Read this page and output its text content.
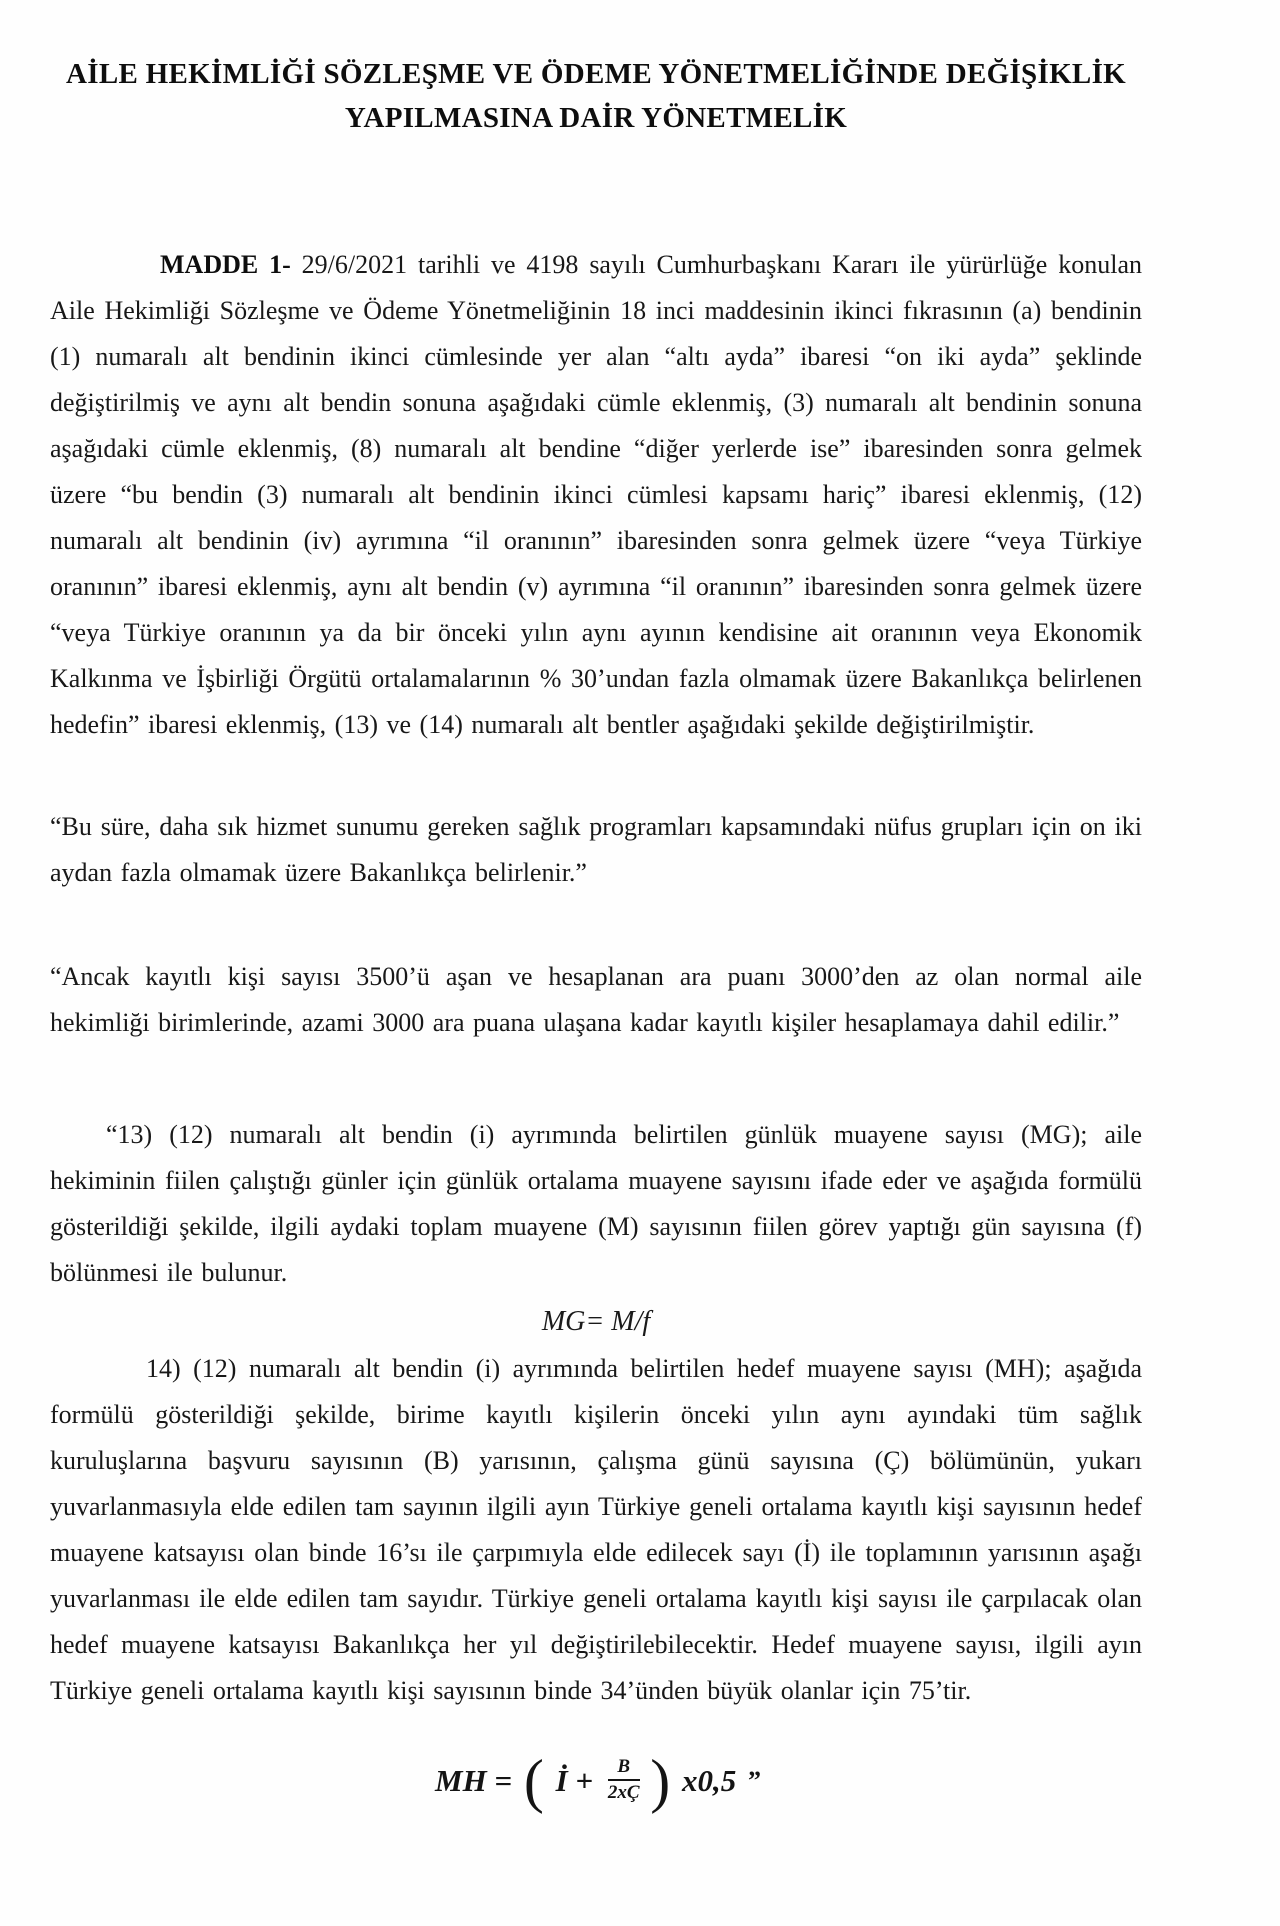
AİLE HEKİMLİĞİ SÖZLEŞME VE ÖDEME YÖNETMELİĞİNDE DEĞİŞİKLİK
YAPILMASINA DAİR YÖNETMELİK

MADDE 1- 29/6/2021 tarihli ve 4198 sayılı Cumhurbaşkanı Kararı ile yürürlüğe konulan Aile Hekimliği Sözleşme ve Ödeme Yönetmeliğinin 18 inci maddesinin ikinci fıkrasının (a) bendinin (1) numaralı alt bendinin ikinci cümlesinde yer alan “altı ayda” ibaresi “on iki ayda” şeklinde değiştirilmiş ve aynı alt bendin sonuna aşağıdaki cümle eklenmiş, (3) numaralı alt bendinin sonuna aşağıdaki cümle eklenmiş, (8) numaralı alt bendine “diğer yerlerde ise” ibaresinden sonra gelmek üzere “bu bendin (3) numaralı alt bendinin ikinci cümlesi kapsamı hariç” ibaresi eklenmiş, (12) numaralı alt bendinin (iv) ayrımına “il oranının” ibaresinden sonra gelmek üzere “veya Türkiye oranının” ibaresi eklenmiş, aynı alt bendin (v) ayrımına “il oranının” ibaresinden sonra gelmek üzere “veya Türkiye oranının ya da bir önceki yılın aynı ayının kendisine ait oranının veya Ekonomik Kalkınma ve İşbirliği Örgütü ortalamalarının % 30’undan fazla olmamak üzere Bakanlıkça belirlenen hedefin” ibaresi eklenmiş, (13) ve (14) numaralı alt bentler aşağıdaki şekilde değiştirilmiştir.

“Bu süre, daha sık hizmet sunumu gereken sağlık programları kapsamındaki nüfus grupları için on iki aydan fazla olmamak üzere Bakanlıkça belirlenir.”

“Ancak kayıtlı kişi sayısı 3500’ü aşan ve hesaplanan ara puanı 3000’den az olan normal aile hekimliği birimlerinde, azami 3000 ara puana ulaşana kadar kayıtlı kişiler hesaplamaya dahil edilir.”

“13) (12) numaralı alt bendin (i) ayrımında belirtilen günlük muayene sayısı (MG); aile hekiminin fiilen çalıştığı günler için günlük ortalama muayene sayısını ifade eder ve aşağıda formülü gösterildiği şekilde, ilgili aydaki toplam muayene (M) sayısının fiilen görev yaptığı gün sayısına (f) bölünmesi ile bulunur.

MG= M/f

14) (12) numaralı alt bendin (i) ayrımında belirtilen hedef muayene sayısı (MH); aşağıda formülü gösterildiği şekilde, birime kayıtlı kişilerin önceki yılın aynı ayındaki tüm sağlık kuruluşlarına başvuru sayısının (B) yarısının, çalışma günü sayısına (Ç) bölümünün, yukarı yuvarlanmasıyla elde edilen tam sayının ilgili ayın Türkiye geneli ortalama kayıtlı kişi sayısının hedef muayene katsayısı olan binde 16’sı ile çarpımıyla elde edilecek sayı (İ) ile toplamının yarısının aşağı yuvarlanması ile elde edilen tam sayıdır. Türkiye geneli ortalama kayıtlı kişi sayısı ile çarpılacak olan hedef muayene katsayısı Bakanlıkça her yıl değiştirilebilecektir. Hedef muayene sayısı, ilgili ayın Türkiye geneli ortalama kayıtlı kişi sayısının binde 34’ünden büyük olanlar için 75’tir.

MH = ( İ + $\frac{B}{2xÇ}$ ) x0,5 ”
